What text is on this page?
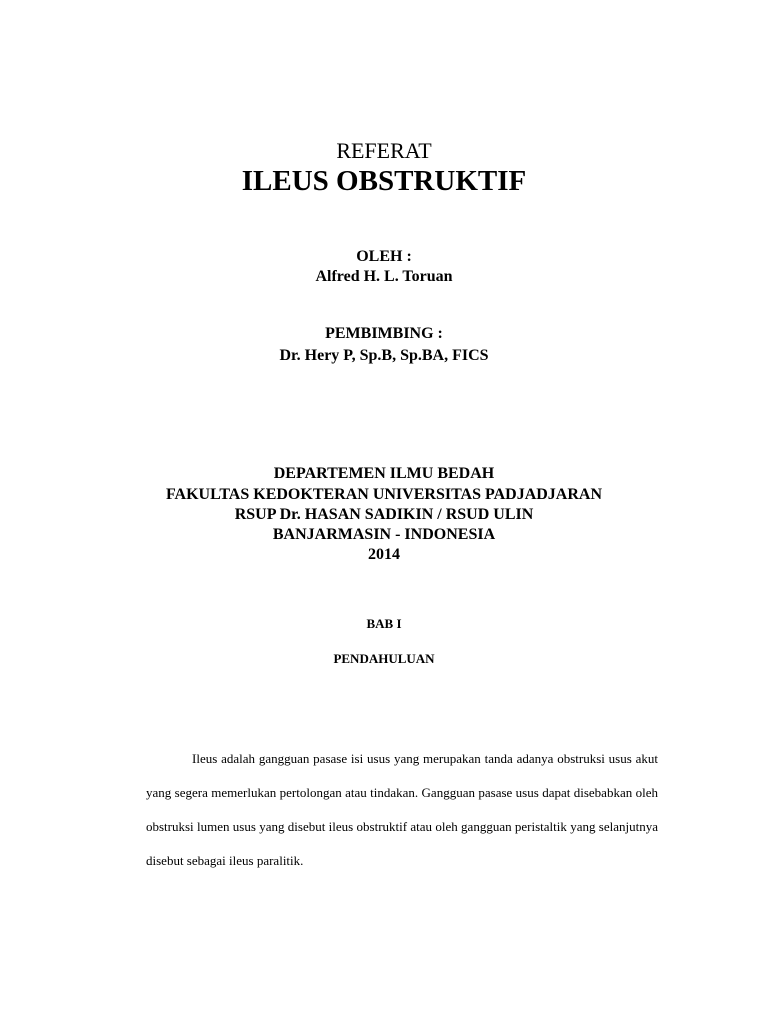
REFERAT

ILEUS OBSTRUKTIF

OLEH :

Alfred H. L. Toruan

PEMBIMBING :

Dr. Hery P, Sp.B, Sp.BA, FICS

DEPARTEMEN ILMU BEDAH

FAKULTAS KEDOKTERAN UNIVERSITAS PADJADJARAN

RSUP Dr. HASAN SADIKIN / RSUD ULIN

BANJARMASIN - INDONESIA

2014

BAB I

PENDAHULUAN

Ileus adalah gangguan pasase isi usus yang merupakan tanda adanya obstruksi usus akut yang segera memerlukan pertolongan atau tindakan. Gangguan pasase usus dapat disebabkan oleh obstruksi lumen usus yang disebut ileus obstruktif atau oleh gangguan peristaltik yang selanjutnya disebut sebagai ileus paralitik.
